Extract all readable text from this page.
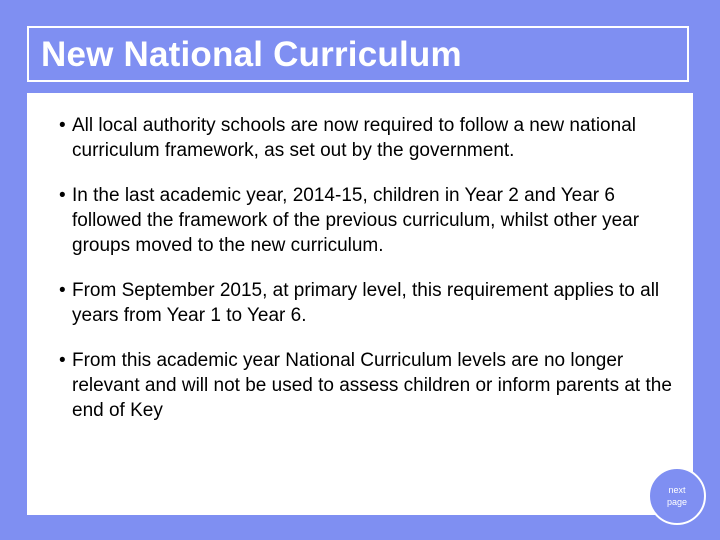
New National Curriculum
• All local authority schools are now required to follow a new national curriculum framework, as set out by the government.
• In the last academic year, 2014-15, children in Year 2 and Year 6 followed the framework of the previous curriculum, whilst other year groups moved to the new curriculum.
• From September 2015, at primary level, this requirement applies to all years from Year 1 to Year 6.
• From this academic year National Curriculum levels are no longer relevant and will not be used to assess children or inform parents at the end of Key
next page
